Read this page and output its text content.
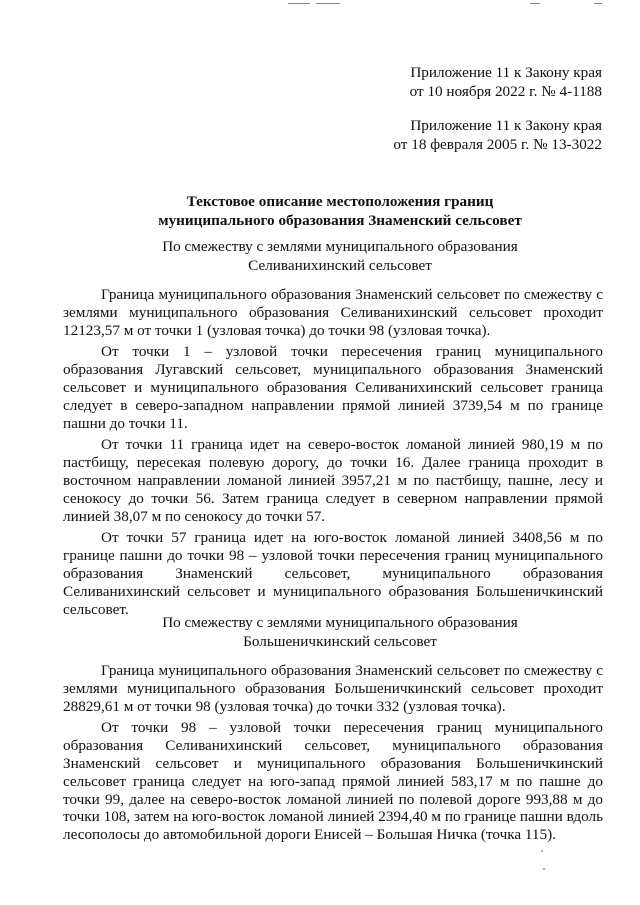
Приложение 11 к Закону края
от 10 ноября 2022 г. № 4-1188
Приложение 11 к Закону края
от 18 февраля 2005 г. № 13-3022
Текстовое описание местоположения границ
муниципального образования Знаменский сельсовет
По смежеству с землями муниципального образования
Селиванихинский сельсовет

Граница муниципального образования Знаменский сельсовет по смежеству с землями муниципального образования Селиванихинский сельсовет проходит 12123,57 м от точки 1 (узловая точка) до точки 98 (узловая точка).

От точки 1 – узловой точки пересечения границ муниципального образования Лугавский сельсовет, муниципального образования Знаменский сельсовет и муниципального образования Селиванихинский сельсовет граница следует в северо-западном направлении прямой линией 3739,54 м по границе пашни до точки 11.

От точки 11 граница идет на северо-восток ломаной линией 980,19 м по пастбищу, пересекая полевую дорогу, до точки 16. Далее граница проходит в восточном направлении ломаной линией 3957,21 м по пастбищу, пашне, лесу и сенокосу до точки 56. Затем граница следует в северном направлении прямой линией 38,07 м по сенокосу до точки 57.

От точки 57 граница идет на юго-восток ломаной линией 3408,56 м по границе пашни до точки 98 – узловой точки пересечения границ муниципального образования Знаменский сельсовет, муниципального образования Селиванихинский сельсовет и муниципального образования Большеничкинский сельсовет.

По смежеству с землями муниципального образования
Большеничкинский сельсовет

Граница муниципального образования Знаменский сельсовет по смежеству с землями муниципального образования Большеничкинский сельсовет проходит 28829,61 м от точки 98 (узловая точка) до точки 332 (узловая точка).

От точки 98 – узловой точки пересечения границ муниципального образования Селиванихинский сельсовет, муниципального образования Знаменский сельсовет и муниципального образования Большеничкинский сельсовет граница следует на юго-запад прямой линией 583,17 м по пашне до точки 99, далее на северо-восток ломаной линией по полевой дороге 993,88 м до точки 108, затем на юго-восток ломаной линией 2394,40 м по границе пашни вдоль лесополосы до автомобильной дороги Енисей – Большая Ничка (точка 115).
